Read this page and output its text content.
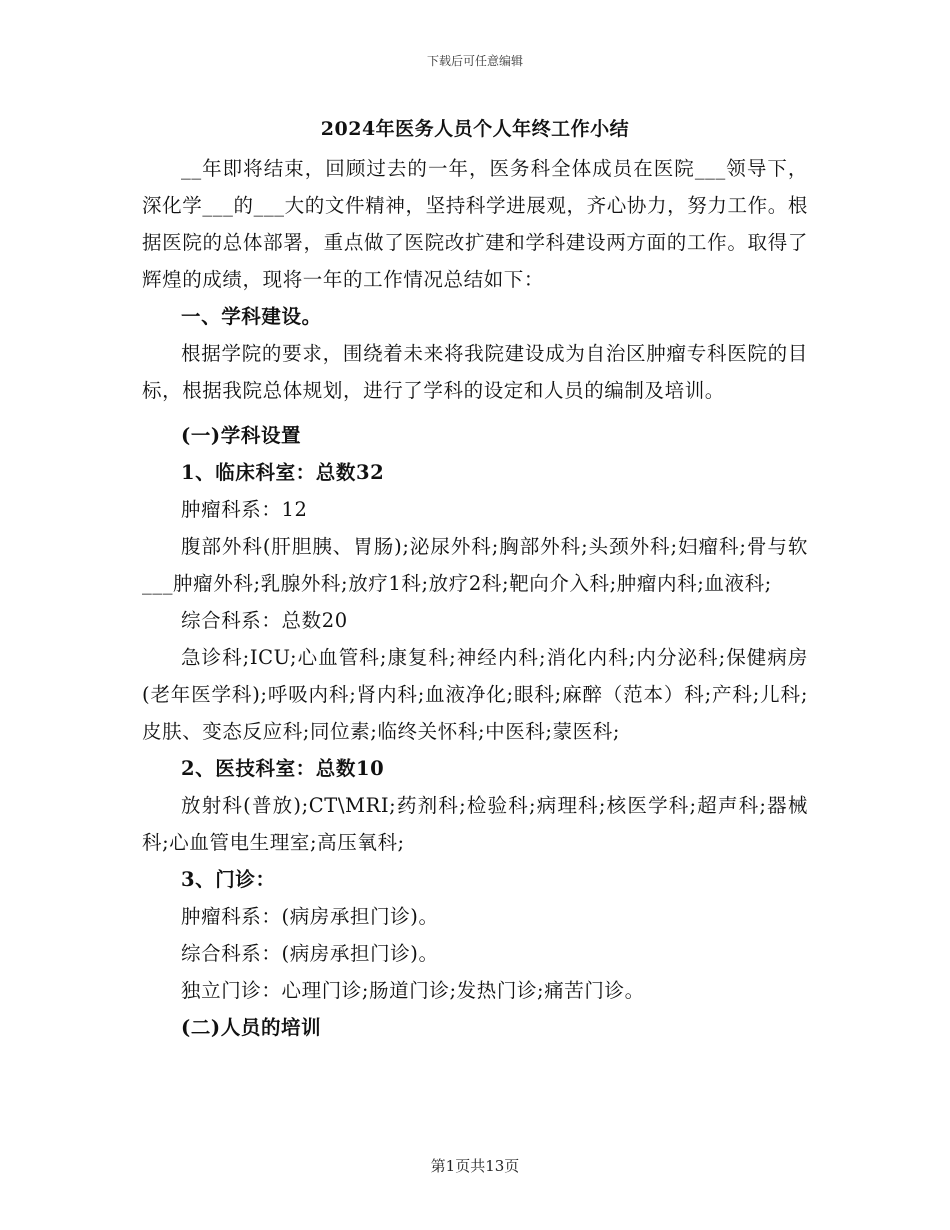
下载后可任意编辑
2024年医务人员个人年终工作小结

__年即将结束，回顾过去的一年，医务科全体成员在医院___领导下，深化学___的___大的文件精神，坚持科学进展观，齐心协力，努力工作。根据医院的总体部署，重点做了医院改扩建和学科建设两方面的工作。取得了辉煌的成绩，现将一年的工作情况总结如下：

一、学科建设。

根据学院的要求，围绕着未来将我院建设成为自治区肿瘤专科医院的目标，根据我院总体规划，进行了学科的设定和人员的编制及培训。

(一)学科设置

1、临床科室：总数32

肿瘤科系：12

腹部外科(肝胆胰、胃肠);泌尿外科;胸部外科;头颈外科;妇瘤科;骨与软___肿瘤外科;乳腺外科;放疗1科;放疗2科;靶向介入科;肿瘤内科;血液科;

综合科系：总数20

急诊科;ICU;心血管科;康复科;神经内科;消化内科;内分泌科;保健病房(老年医学科);呼吸内科;肾内科;血液净化;眼科;麻醉（范本）科;产科;儿科;皮肤、变态反应科;同位素;临终关怀科;中医科;蒙医科;

2、医技科室：总数10

放射科(普放);CT\MRI;药剂科;检验科;病理科;核医学科;超声科;器械科;心血管电生理室;高压氧科;

3、门诊：

肿瘤科系：(病房承担门诊)。

综合科系：(病房承担门诊)。

独立门诊：心理门诊;肠道门诊;发热门诊;痛苦门诊。

(二)人员的培训

第1页共13页
